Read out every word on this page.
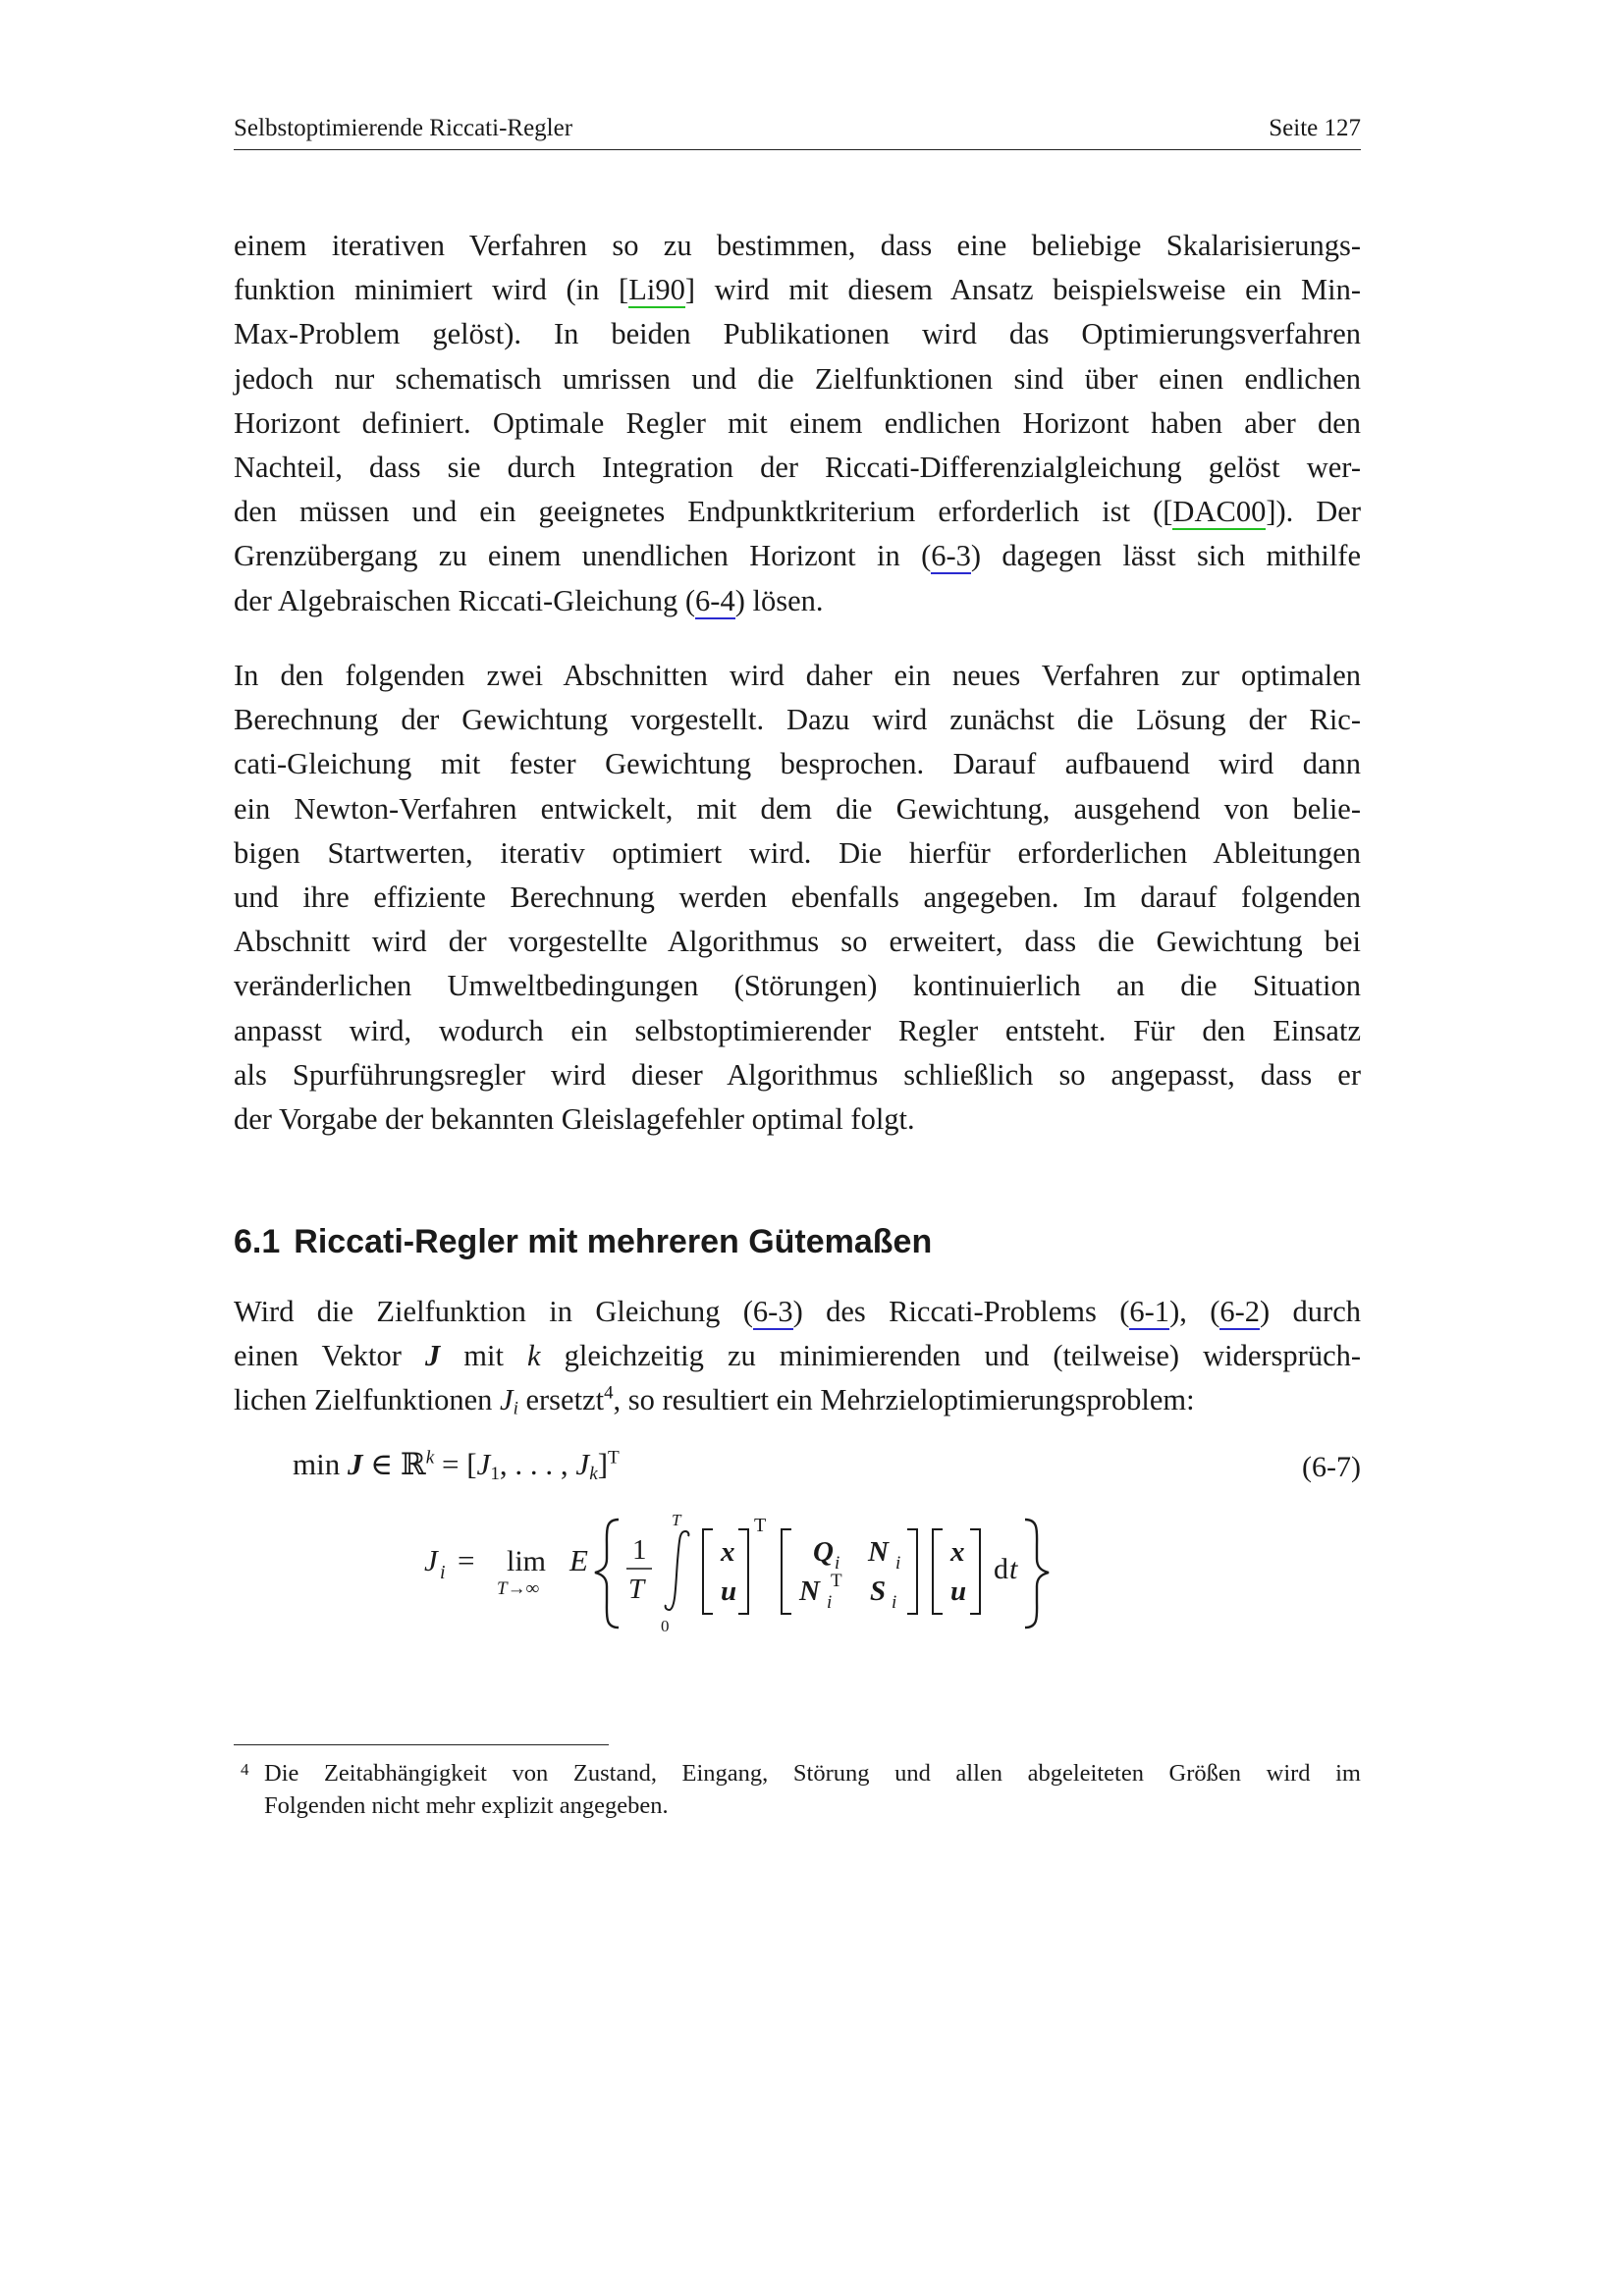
Selbstoptimierende Riccati-Regler	Seite 127
einem iterativen Verfahren so zu bestimmen, dass eine beliebige Skalarisierungs-
funktion minimiert wird (in [Li90] wird mit diesem Ansatz beispielsweise ein Min-
Max-Problem gelöst). In beiden Publikationen wird das Optimierungsverfahren
jedoch nur schematisch umrissen und die Zielfunktionen sind über einen endlichen
Horizont definiert. Optimale Regler mit einem endlichen Horizont haben aber den
Nachteil, dass sie durch Integration der Riccati-Differenzialgleichung gelöst wer-
den müssen und ein geeignetes Endpunktkriterium erforderlich ist ([DAC00]). Der
Grenzübergang zu einem unendlichen Horizont in (6-3) dagegen lässt sich mithilfe
der Algebraischen Riccati-Gleichung (6-4) lösen.
In den folgenden zwei Abschnitten wird daher ein neues Verfahren zur optimalen
Berechnung der Gewichtung vorgestellt. Dazu wird zunächst die Lösung der Ric-
cati-Gleichung mit fester Gewichtung besprochen. Darauf aufbauend wird dann
ein Newton-Verfahren entwickelt, mit dem die Gewichtung, ausgehend von belie-
bigen Startwerten, iterativ optimiert wird. Die hierfür erforderlichen Ableitungen
und ihre effiziente Berechnung werden ebenfalls angegeben. Im darauf folgenden
Abschnitt wird der vorgestellte Algorithmus so erweitert, dass die Gewichtung bei
veränderlichen Umweltbedingungen (Störungen) kontinuierlich an die Situation
anpasst wird, wodurch ein selbstoptimierender Regler entsteht. Für den Einsatz
als Spurführungsregler wird dieser Algorithmus schließlich so angepasst, dass er
der Vorgabe der bekannten Gleislagefehler optimal folgt.
6.1 Riccati-Regler mit mehreren Gütemaßen
Wird die Zielfunktion in Gleichung (6-3) des Riccati-Problems (6-1), (6-2) durch
einen Vektor J mit k gleichzeitig zu minimierenden und (teilweise) widersprüch-
lichen Zielfunktionen $J_i$ ersetzt$^4$, so resultiert ein Mehrzieloptimierungsproblem:
min J ∈ ℝ$^k$ = [$J_1$, . . . , $J_k]^T$	(6-7)
J i = lim
T→∞
E 1
T
T
0
x
u
T
Q i N i
N i
T S i
x
u
d t
4 Die Zeitabhängigkeit von Zustand, Eingang, Störung und allen abgeleiteten Größen wird im
Folgenden nicht mehr explizit angegeben.
